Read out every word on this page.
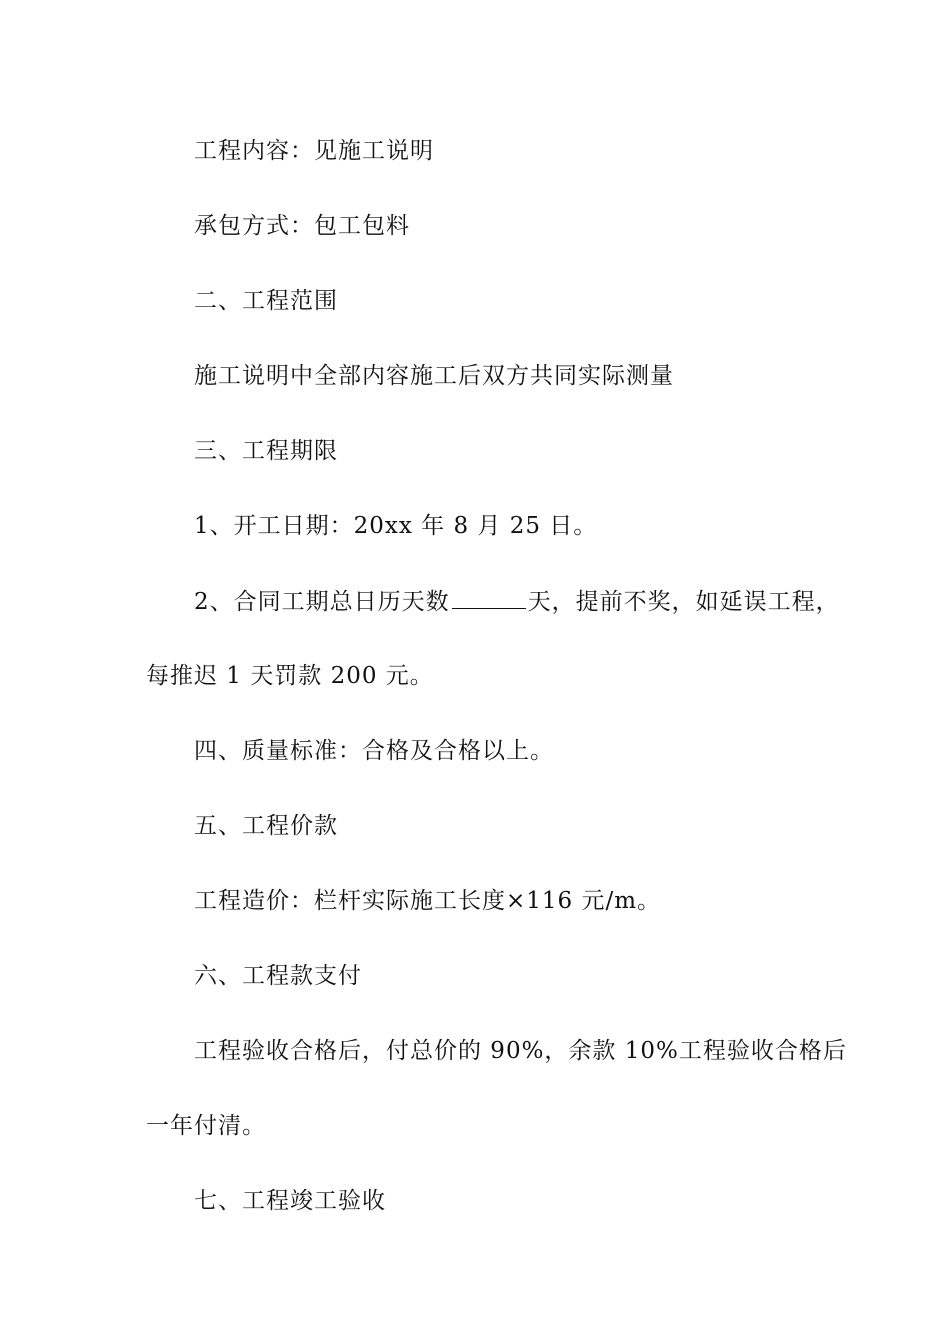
工程内容：见施工说明
承包方式：包工包料
二、工程范围
施工说明中全部内容施工后双方共同实际测量
三、工程期限
1、开工日期：20xx 年 8 月 25 日。
2、合同工期总日历天数	天，提前不奖，如延误工程，
每推迟 1 天罚款 200 元。
四、质量标准：合格及合格以上。
五、工程价款
工程造价：栏杆实际施工长度×116 元/m。
六、工程款支付
工程验收合格后，付总价的 90%，余款 10%工程验收合格后
一年付清。
七、工程竣工验收
